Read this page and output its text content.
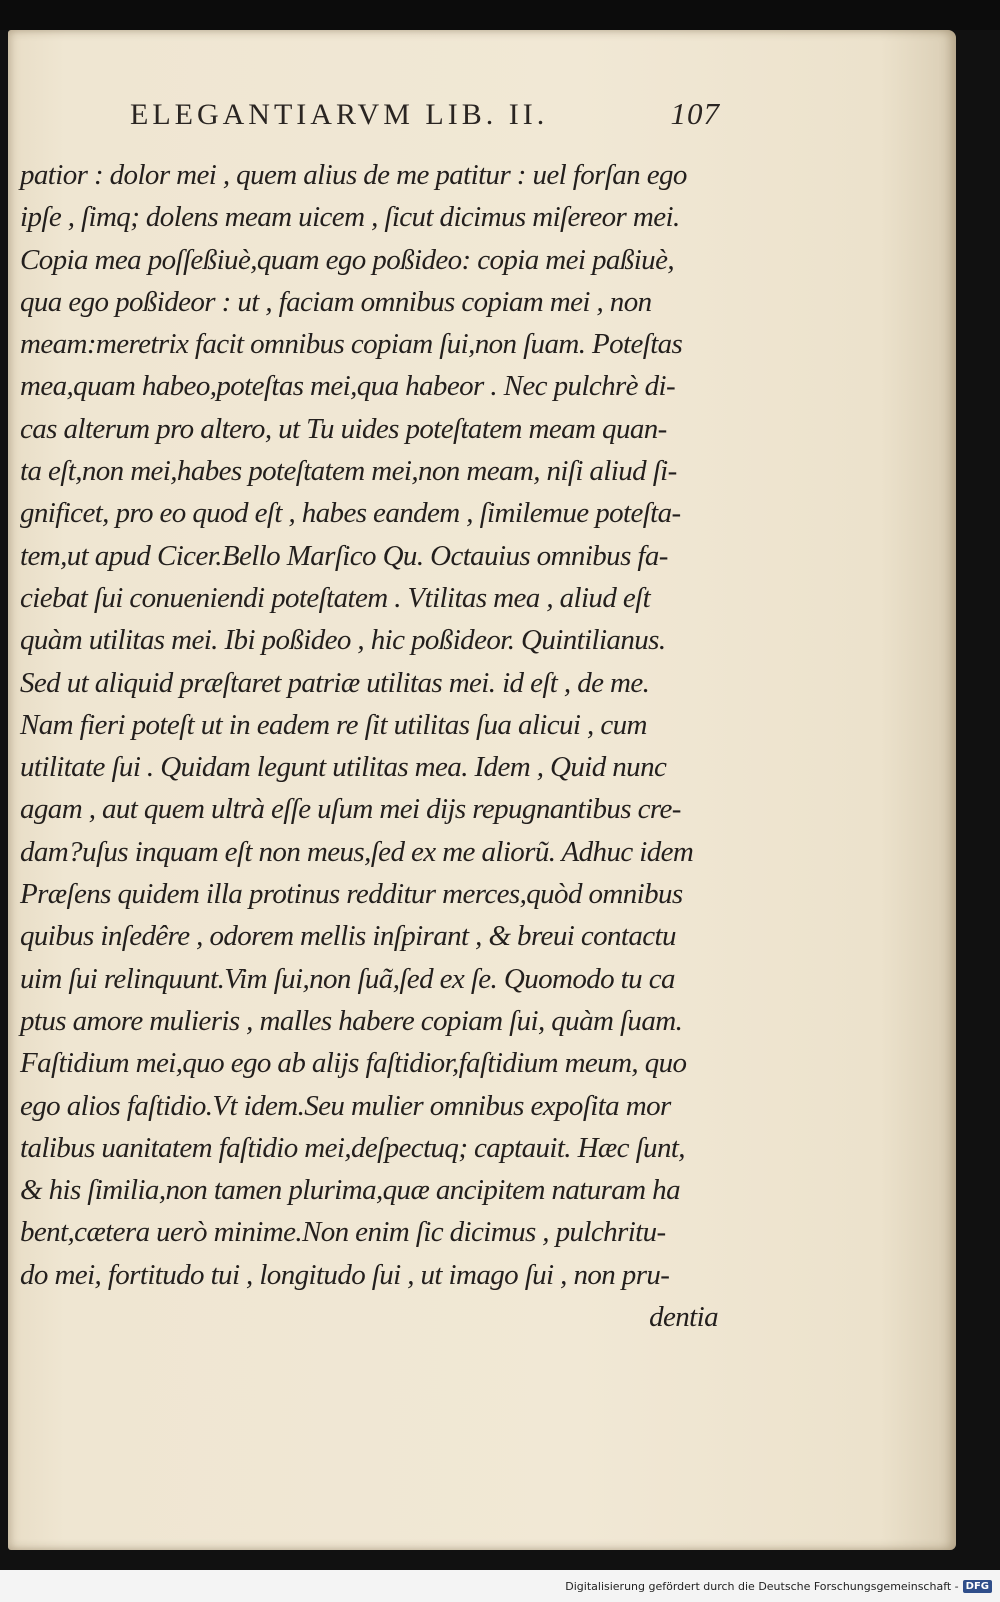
ELEGANTIARVM LIB. II.	107
patior : dolor mei , quem alius de me patitur : uel forſan ego
ipſe , ſimq; dolens meam uicem , ſicut dicimus miſereor mei.
Copia mea poſſeßiuè,quam ego poßideo: copia mei paßiuè,
qua ego poßideor : ut , faciam omnibus copiam mei , non
meam:meretrix facit omnibus copiam ſui,non ſuam. Poteſtas
mea,quam habeo,poteſtas mei,qua habeor . Nec pulchrè di-
cas alterum pro altero, ut Tu uides poteſtatem meam quan-
ta eſt,non mei,habes poteſtatem mei,non meam, niſi aliud ſi-
gnificet, pro eo quod eſt , habes eandem , ſimilemue poteſta-
tem,ut apud Cicer.Bello Marſico Qu. Octauius omnibus fa-
ciebat ſui conueniendi poteſtatem . Vtilitas mea , aliud eſt
quàm utilitas mei. Ibi poßideo , hic poßideor. Quintilianus.
Sed ut aliquid præſtaret patriæ utilitas mei. id eſt , de me.
Nam fieri poteſt ut in eadem re ſit utilitas ſua alicui , cum
utilitate ſui . Quidam legunt utilitas mea. Idem , Quid nunc
agam , aut quem ultrà eſſe uſum mei dijs repugnantibus cre-
dam?uſus inquam eſt non meus,ſed ex me aliorũ. Adhuc idem
Præſens quidem illa protinus redditur merces,quòd omnibus
quibus inſedêre , odorem mellis inſpirant , & breui contactu
uim ſui relinquunt.Vim ſui,non ſuã,ſed ex ſe. Quomodo tu ca
ptus amore mulieris , malles habere copiam ſui, quàm ſuam.
Faſtidium mei,quo ego ab alijs faſtidior,faſtidium meum, quo
ego alios faſtidio.Vt idem.Seu mulier omnibus expoſita mor
talibus uanitatem faſtidio mei,deſpectuq; captauit. Hæc ſunt,
& his ſimilia,non tamen plurima,quæ ancipitem naturam ha
bent,cætera uerò minime.Non enim ſic dicimus , pulchritu-
do mei, fortitudo tui , longitudo ſui , ut imago ſui , non pru-
dentia
Digitalisierung gefördert durch die Deutsche Forschungsgemeinschaft - DFG
